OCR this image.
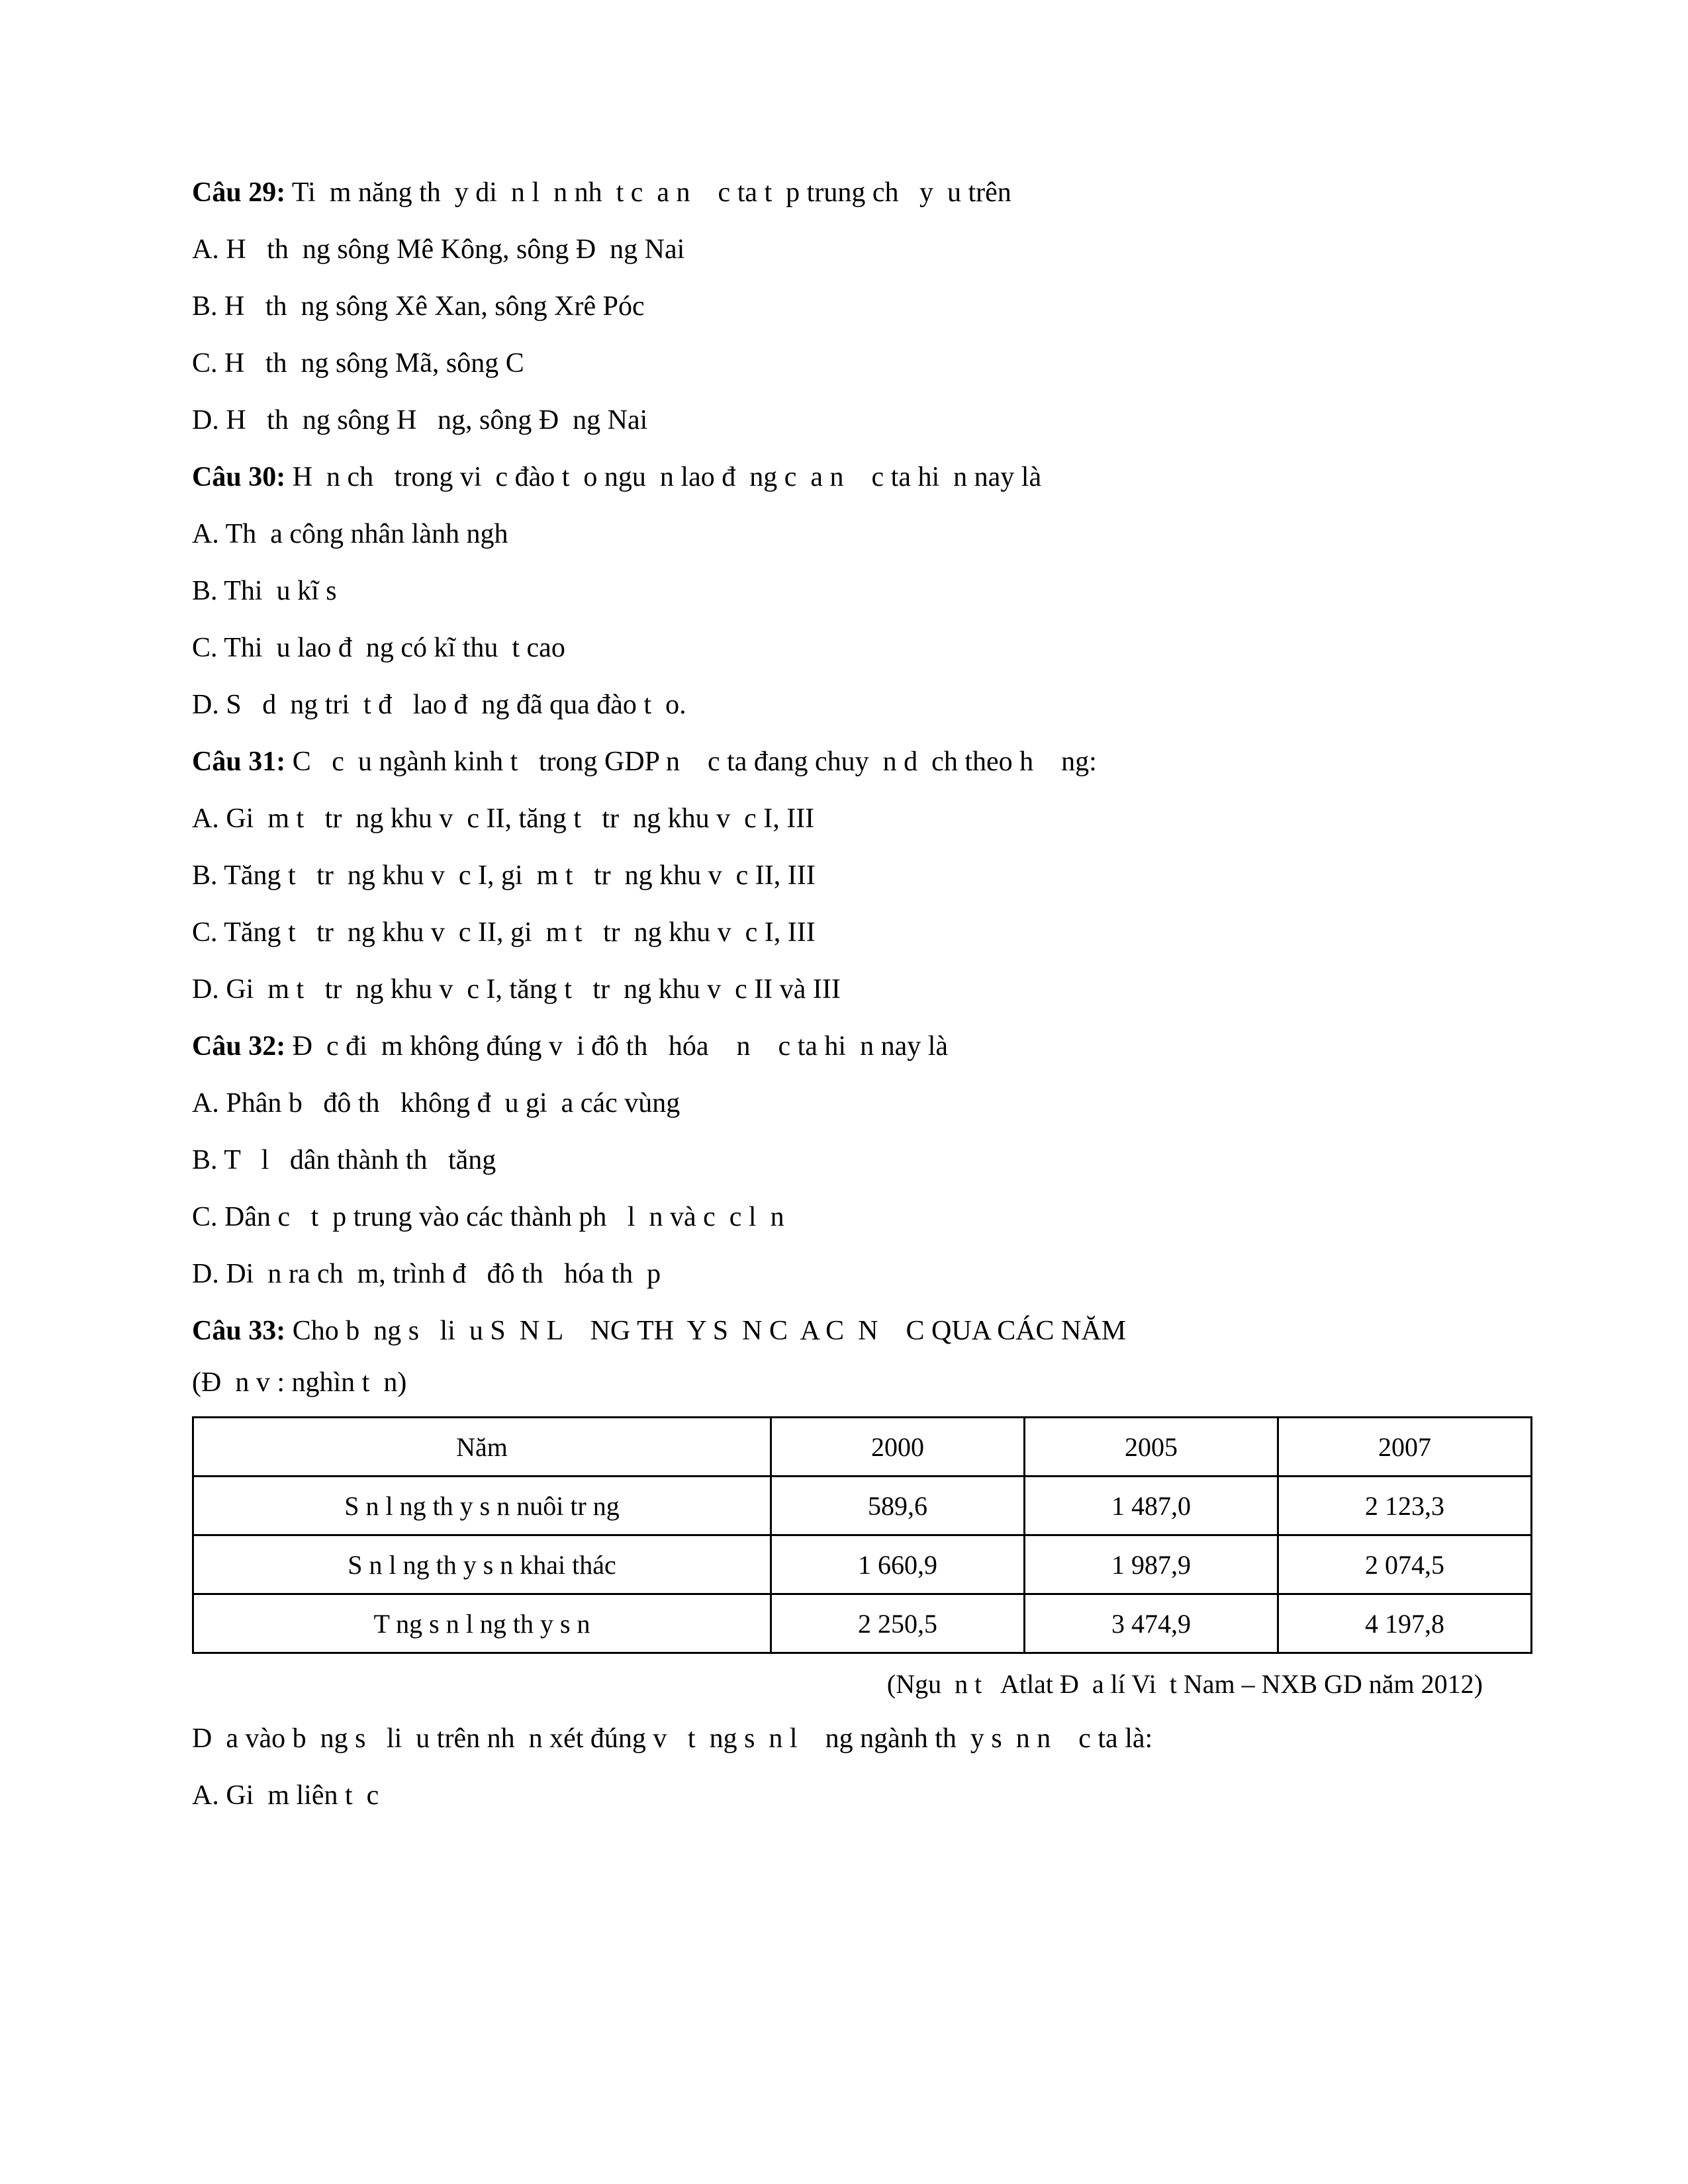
Câu 29: Ti  m năng th  y di  n l  n nh  t c  a n    c ta t  p trung ch   y  u trên

A. H   th  ng sông Mê Kông, sông Đ  ng Nai

B. H   th  ng sông Xê Xan, sông Xrê Póc

C. H   th  ng sông Mã, sông C

D. H   th  ng sông H   ng, sông Đ  ng Nai

Câu 30: H  n ch   trong vi  c đào t  o ngu  n lao đ  ng c  a n    c ta hi  n nay là

A. Th  a công nhân lành ngh

B. Thi  u kĩ s

C. Thi  u lao đ  ng có kĩ thu  t cao

D. S   d  ng tri  t đ   lao đ  ng đã qua đào t  o.

Câu 31: C   c  u ngành kinh t   trong GDP n    c ta đang chuy  n d  ch theo h    ng:

A. Gi  m t   tr  ng khu v  c II, tăng t   tr  ng khu v  c I, III

B. Tăng t   tr  ng khu v  c I, gi  m t   tr  ng khu v  c II, III

C. Tăng t   tr  ng khu v  c II, gi  m t   tr  ng khu v  c I, III

D. Gi  m t   tr  ng khu v  c I, tăng t   tr  ng khu v  c II và III

Câu 32: Đ  c đi  m không đúng v  i đô th   hóa    n    c ta hi  n nay là

A. Phân b   đô th   không đ  u gi  a các vùng

B. T   l   dân thành th   tăng

C. Dân c   t  p trung vào các thành ph   l  n và c  c l  n

D. Di  n ra ch  m, trình đ   đô th   hóa th  p

Câu 33: Cho b  ng s   li  u S  N L    NG TH  Y S  N C  A C  N    C QUA CÁC NĂM

(Đ  n v : nghìn t  n)

Năm	2000	2005	2007
S n l ng th y s n nuôi tr ng	589,6	1 487,0	2 123,3
S n l ng th y s n khai thác	1 660,9	1 987,9	2 074,5
T ng s n l ng th y s n	2 250,5	3 474,9	4 197,8

(Ngu  n t   Atlat Đ  a lí Vi  t Nam – NXB GD năm 2012)

D  a vào b  ng s   li  u trên nh  n xét đúng v   t  ng s  n l    ng ngành th  y s  n n    c ta là:

A. Gi  m liên t  c
